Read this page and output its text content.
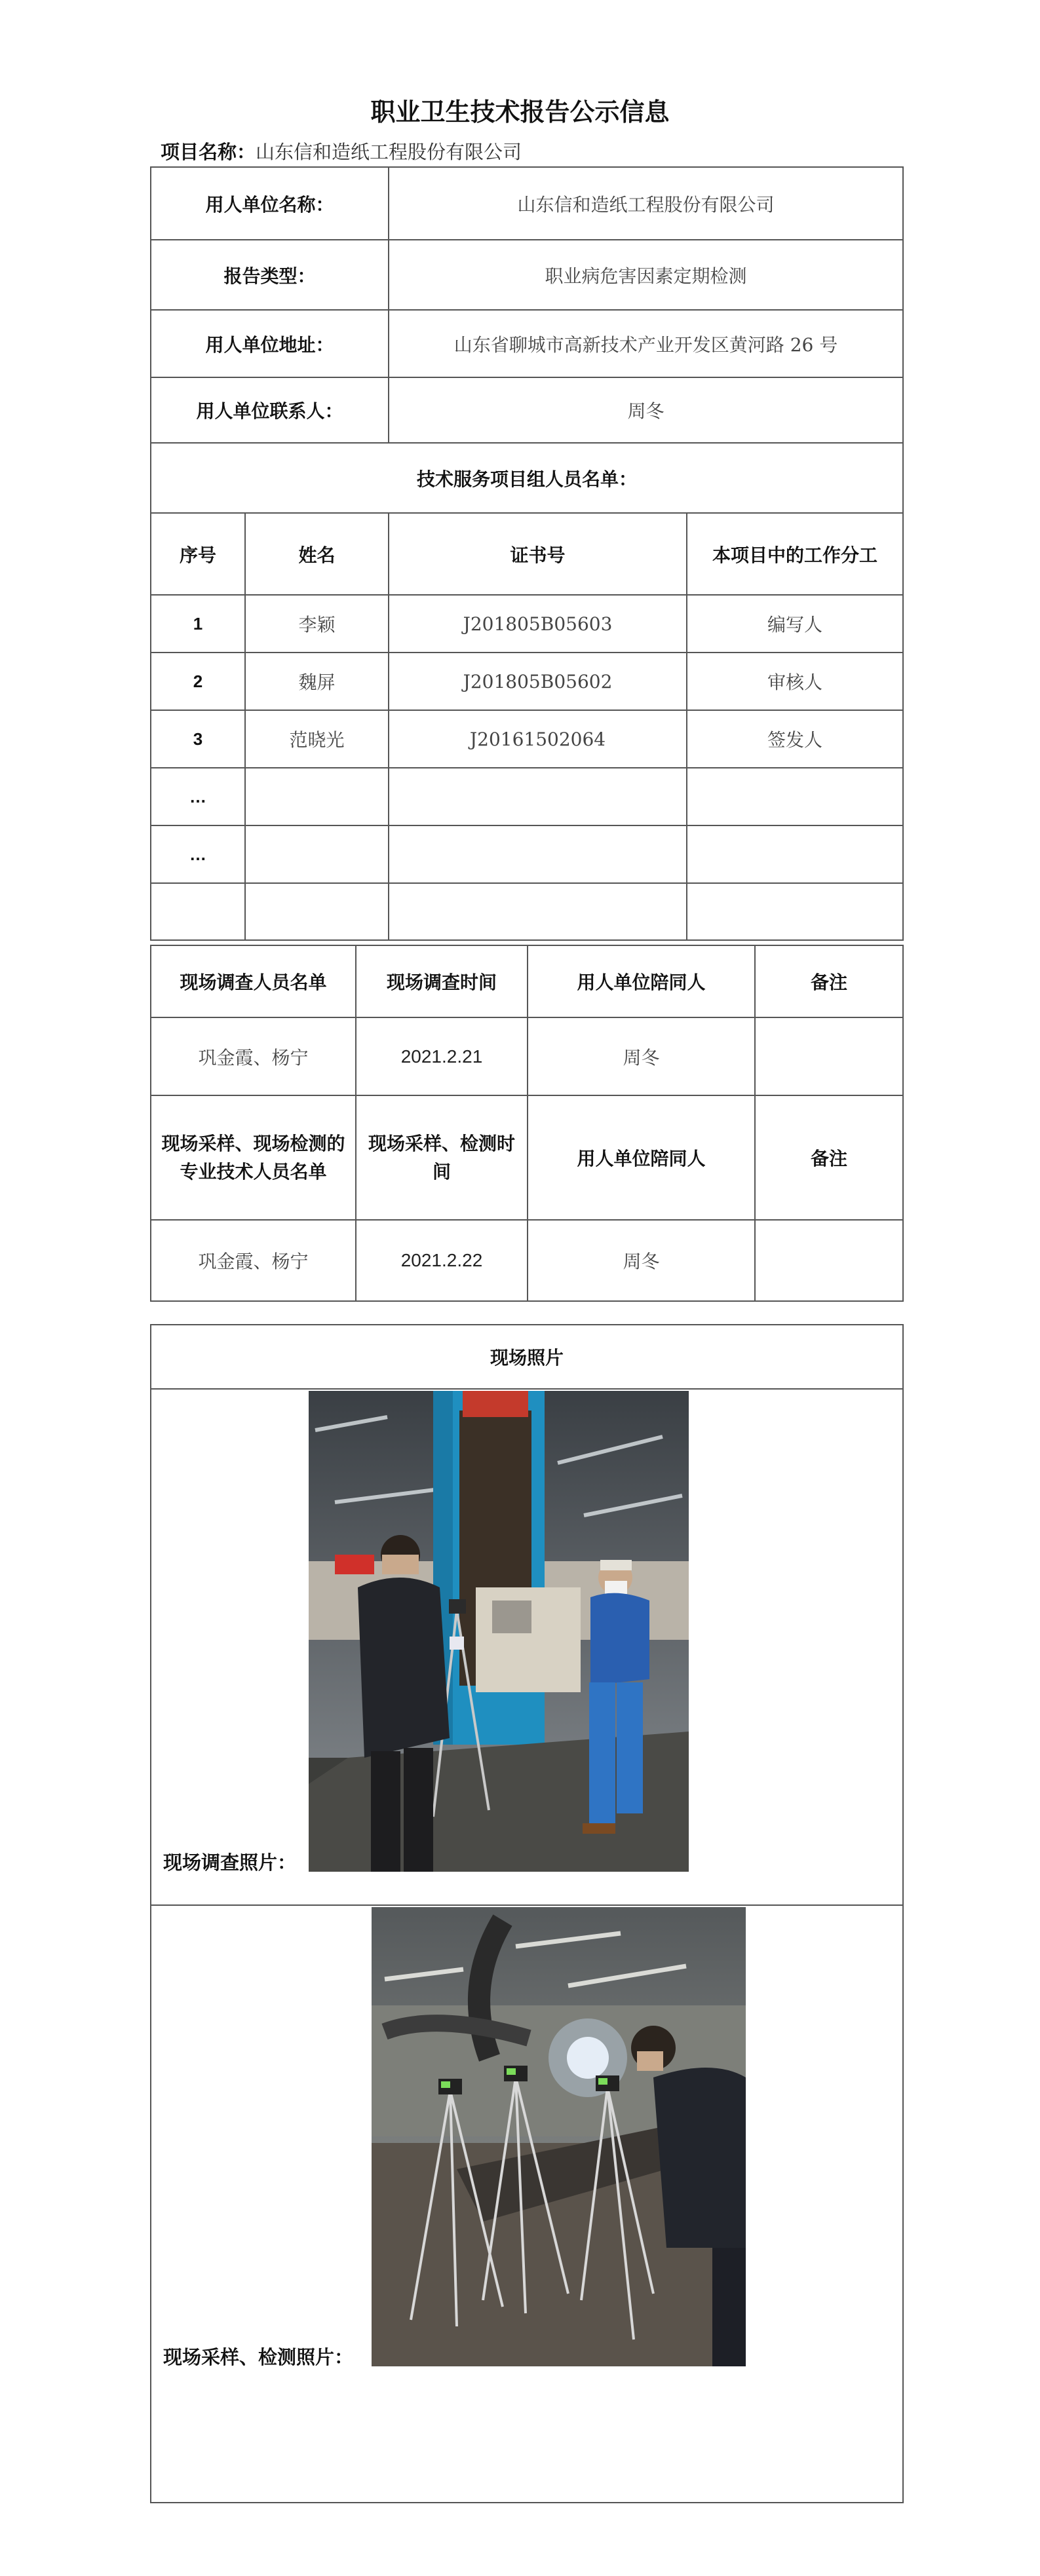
职业卫生技术报告公示信息
项目名称：山东信和造纸工程股份有限公司
用人单位名称：		山东信和造纸工程股份有限公司	
报告类型：		职业病危害因素定期检测	
用人单位地址：		山东省聊城市高新技术产业开发区黄河路 26 号	
用人单位联系人：		周冬	
技术服务项目组人员名单：			
序号	姓名	证书号	本项目中的工作分工
1	李颖	J201805B05603	编写人
2	魏屏	J201805B05602	审核人
3	范晓光	J20161502064	签发人
…			
…			

现场调查人员名单	现场调查时间	用人单位陪同人	备注
巩金霞、杨宁	2021.2.21	周冬	
现场采样、现场检测的专业技术人员名单	现场采样、检测时间	用人单位陪同人	备注
巩金霞、杨宁	2021.2.22	周冬	
现场照片

现场调查照片：

现场采样、检测照片：
